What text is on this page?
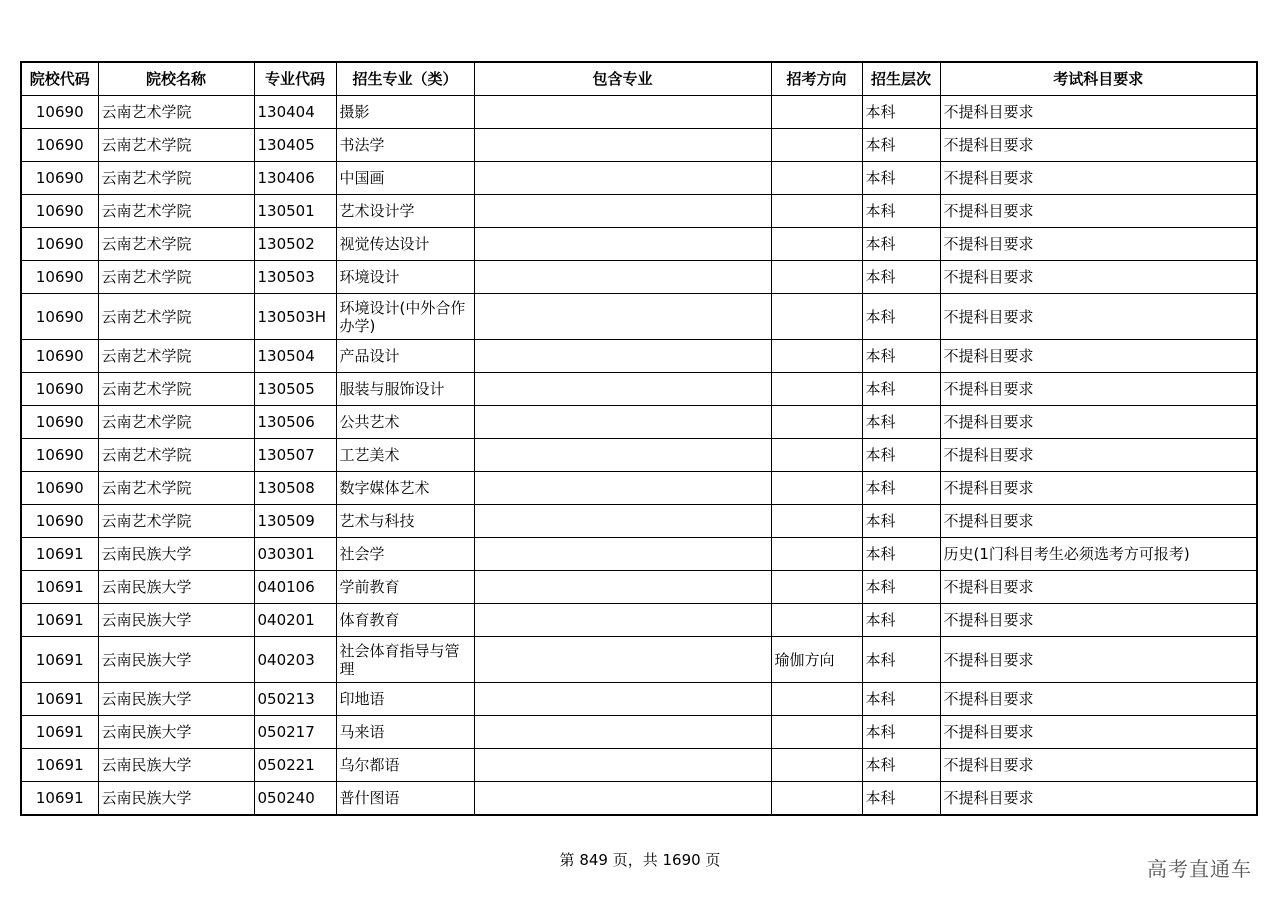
院校代码	院校名称	专业代码	招生专业（类）	包含专业	招考方向	招生层次	考试科目要求
10690	云南艺术学院	130404	摄影			本科	不提科目要求
10690	云南艺术学院	130405	书法学			本科	不提科目要求
10690	云南艺术学院	130406	中国画			本科	不提科目要求
10690	云南艺术学院	130501	艺术设计学			本科	不提科目要求
10690	云南艺术学院	130502	视觉传达设计			本科	不提科目要求
10690	云南艺术学院	130503	环境设计			本科	不提科目要求
10690	云南艺术学院	130503H	环境设计(中外合作办学)			本科	不提科目要求
10690	云南艺术学院	130504	产品设计			本科	不提科目要求
10690	云南艺术学院	130505	服装与服饰设计			本科	不提科目要求
10690	云南艺术学院	130506	公共艺术			本科	不提科目要求
10690	云南艺术学院	130507	工艺美术			本科	不提科目要求
10690	云南艺术学院	130508	数字媒体艺术			本科	不提科目要求
10690	云南艺术学院	130509	艺术与科技			本科	不提科目要求
10691	云南民族大学	030301	社会学			本科	历史(1门科目考生必须选考方可报考)
10691	云南民族大学	040106	学前教育			本科	不提科目要求
10691	云南民族大学	040201	体育教育			本科	不提科目要求
10691	云南民族大学	040203	社会体育指导与管理		瑜伽方向	本科	不提科目要求
10691	云南民族大学	050213	印地语			本科	不提科目要求
10691	云南民族大学	050217	马来语			本科	不提科目要求
10691	云南民族大学	050221	乌尔都语			本科	不提科目要求
10691	云南民族大学	050240	普什图语			本科	不提科目要求
第 849 页，共 1690 页	高考直通车
